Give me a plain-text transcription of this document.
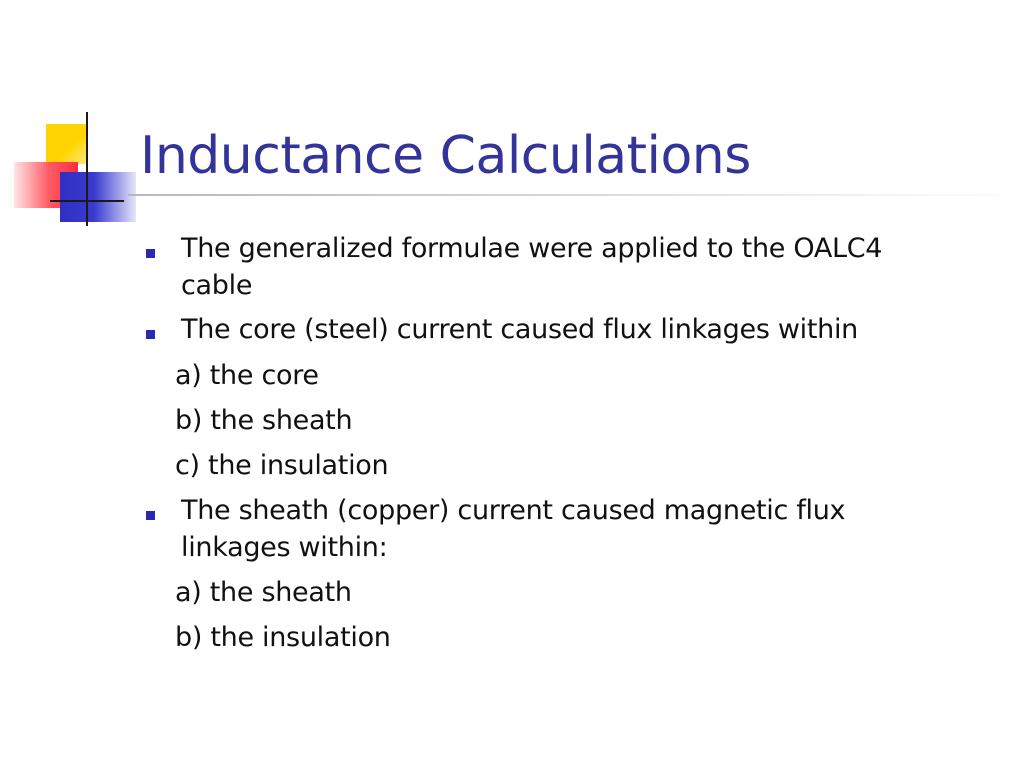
Inductance Calculations
The generalized formulae were applied to the OALC4
cable
The core (steel) current caused flux linkages within
a) the core
b) the sheath
c) the insulation
The sheath (copper) current caused magnetic flux
linkages within:
a) the sheath
b) the insulation
